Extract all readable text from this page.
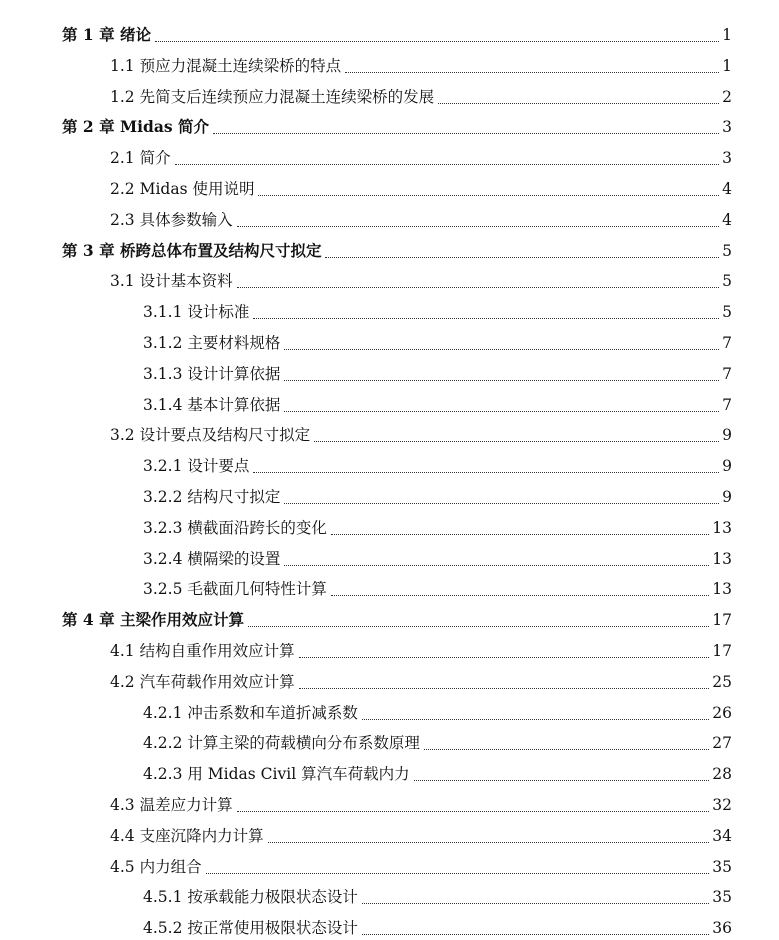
第 1 章 绪论	1
1.1 预应力混凝土连续梁桥的特点	1
1.2 先简支后连续预应力混凝土连续梁桥的发展	2
第 2 章 Midas 简介	3
2.1 简介	3
2.2 Midas 使用说明	4
2.3 具体参数输入	4
第 3 章 桥跨总体布置及结构尺寸拟定	5
3.1 设计基本资料	5
3.1.1 设计标准	5
3.1.2 主要材料规格	7
3.1.3 设计计算依据	7
3.1.4 基本计算依据	7
3.2 设计要点及结构尺寸拟定	9
3.2.1 设计要点	9
3.2.2 结构尺寸拟定	9
3.2.3 横截面沿跨长的变化	13
3.2.4 横隔梁的设置	13
3.2.5 毛截面几何特性计算	13
第 4 章 主梁作用效应计算	17
4.1 结构自重作用效应计算	17
4.2 汽车荷载作用效应计算	25
4.2.1 冲击系数和车道折减系数	26
4.2.2 计算主梁的荷载横向分布系数原理	27
4.2.3 用 Midas Civil 算汽车荷载内力	28
4.3 温差应力计算	32
4.4 支座沉降内力计算	34
4.5 内力组合	35
4.5.1 按承载能力极限状态设计	35
4.5.2 按正常使用极限状态设计	36
